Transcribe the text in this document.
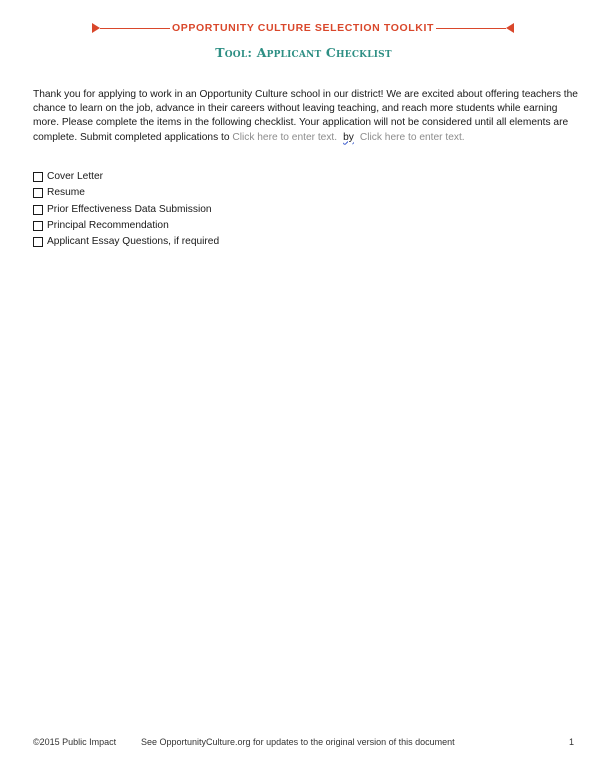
OPPORTUNITY CULTURE SELECTION TOOLKIT
Tool: Applicant Checklist

Thank you for applying to work in an Opportunity Culture school in our district! We are excited about offering teachers the chance to learn on the job, advance in their careers without leaving teaching, and reach more students while earning more. Please complete the items in the following checklist. Your application will not be considered until all elements are complete. Submit completed applications to Click here to enter text. by Click here to enter text.

Cover Letter
Resume
Prior Effectiveness Data Submission
Principal Recommendation
Applicant Essay Questions, if required
©2015 Public Impact	See OpportunityCulture.org for updates to the original version of this document	1
